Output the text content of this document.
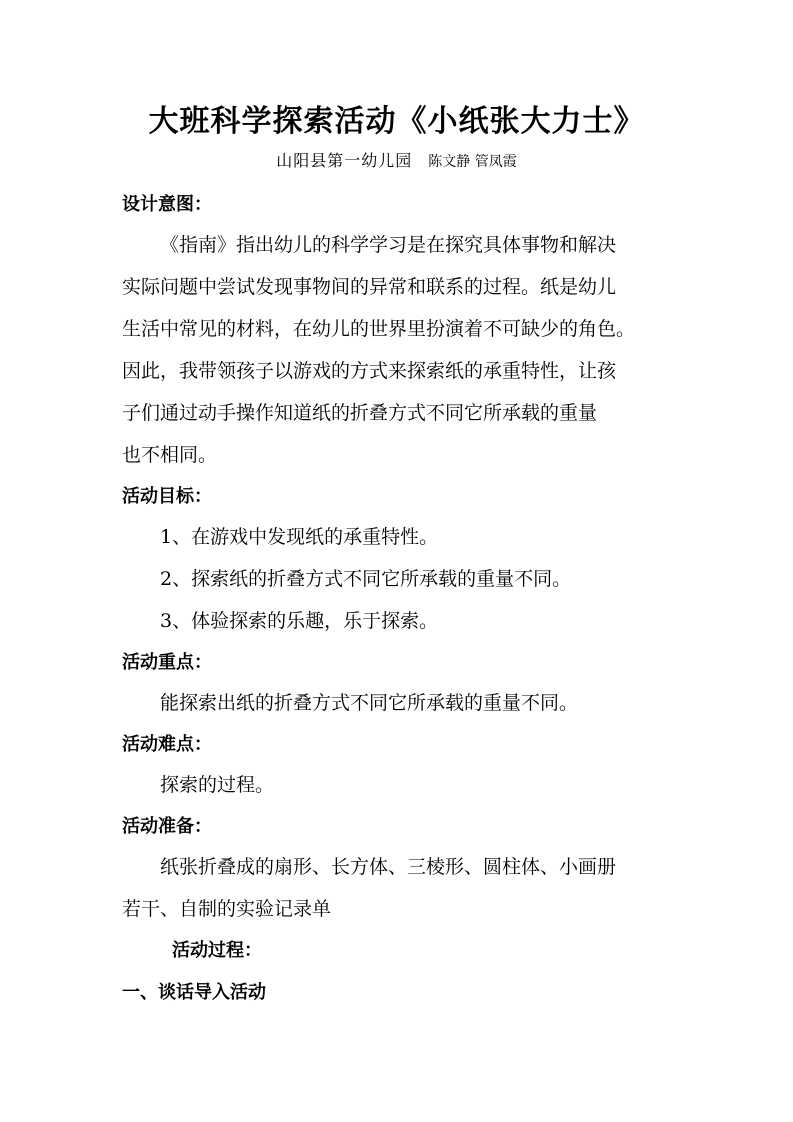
大班科学探索活动《小纸张大力士》
山阳县第一幼儿园 陈文静 管凤霞
设计意图：
《指南》指出幼儿的科学学习是在探究具体事物和解决
实际问题中尝试发现事物间的异常和联系的过程。纸是幼儿
生活中常见的材料，在幼儿的世界里扮演着不可缺少的角色。
因此，我带领孩子以游戏的方式来探索纸的承重特性，让孩
子们通过动手操作知道纸的折叠方式不同它所承载的重量
也不相同。
活动目标：
1、在游戏中发现纸的承重特性。
2、探索纸的折叠方式不同它所承载的重量不同。
3、体验探索的乐趣，乐于探索。
活动重点：
能探索出纸的折叠方式不同它所承载的重量不同。
活动难点：
探索的过程。
活动准备：
纸张折叠成的扇形、长方体、三棱形、圆柱体、小画册
若干、自制的实验记录单
活动过程：
一、谈话导入活动
